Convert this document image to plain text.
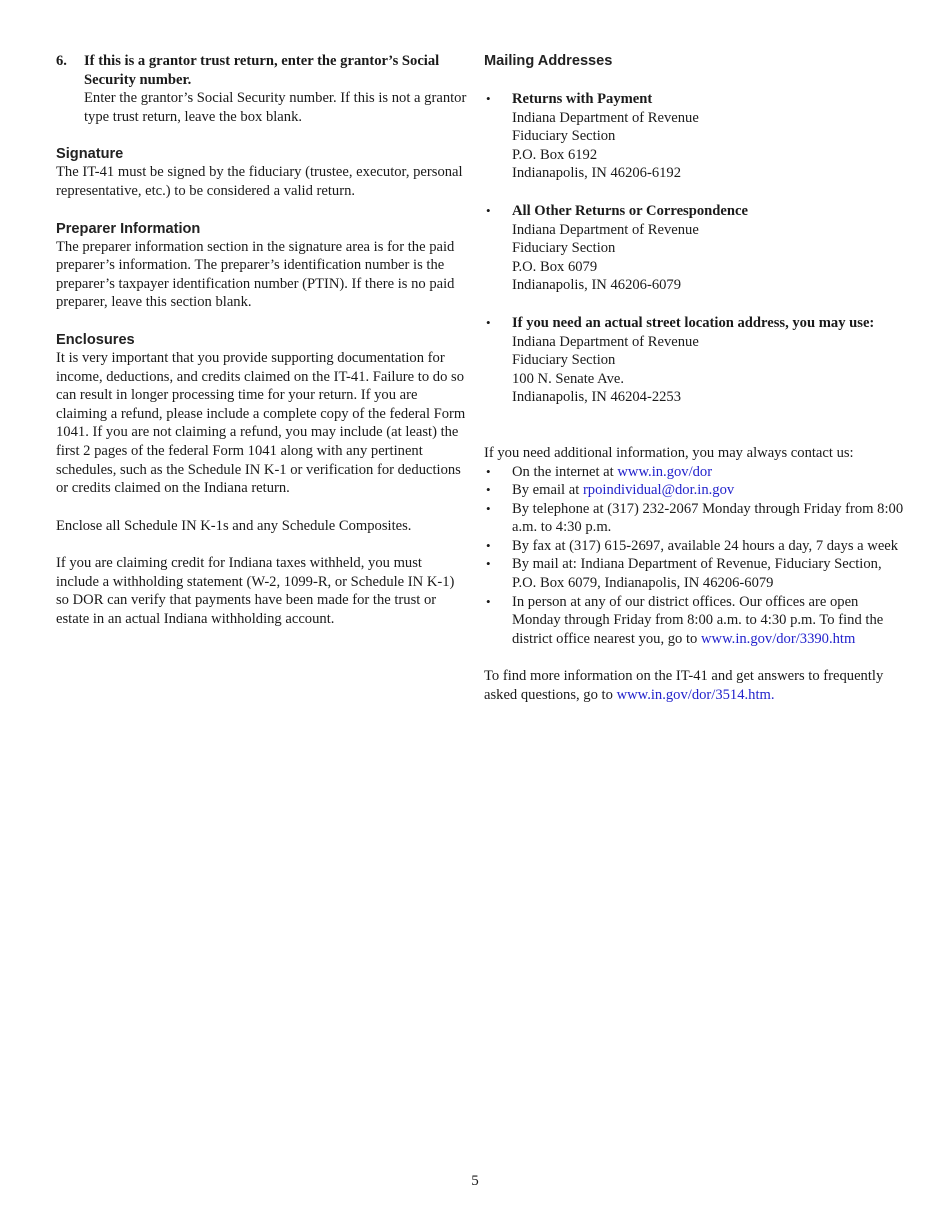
6. If this is a grantor trust return, enter the grantor’s Social Security number.

Enter the grantor’s Social Security number. If this is not a grantor type trust return, leave the box blank.

Signature

The IT-41 must be signed by the fiduciary (trustee, executor, personal representative, etc.) to be considered a valid return.

Preparer Information

The preparer information section in the signature area is for the paid preparer’s information. The preparer’s identification number is the preparer’s taxpayer identification number (PTIN). If there is no paid preparer, leave this section blank.

Enclosures

It is very important that you provide supporting documentation for income, deductions, and credits claimed on the IT-41. Failure to do so can result in longer processing time for your return. If you are claiming a refund, please include a complete copy of the federal Form 1041. If you are not claiming a refund, you may include (at least) the first 2 pages of the federal Form 1041 along with any pertinent schedules, such as the Schedule IN K-1 or verification for deductions or credits claimed on the Indiana return.

Enclose all Schedule IN K-1s and any Schedule Composites.

If you are claiming credit for Indiana taxes withheld, you must include a withholding statement (W-2, 1099-R, or Schedule IN K-1) so DOR can verify that payments have been made for the trust or estate in an actual Indiana withholding account.

Mailing Addresses
• Returns with Payment
Indiana Department of Revenue
Fiduciary Section
P.O. Box 6192
Indianapolis, IN 46206-6192
• All Other Returns or Correspondence
Indiana Department of Revenue
Fiduciary Section
P.O. Box 6079
Indianapolis, IN 46206-6079
• If you need an actual street location address, you may use:
Indiana Department of Revenue
Fiduciary Section
100 N. Senate Ave.
Indianapolis, IN 46204-2253

If you need additional information, you may always contact us:

• On the internet at www.in.gov/dor
• By email at rpoindividual@dor.in.gov
• By telephone at (317) 232-2067 Monday through Friday from 8:00 a.m. to 4:30 p.m.
• By fax at (317) 615-2697, available 24 hours a day, 7 days a week
• By mail at: Indiana Department of Revenue, Fiduciary Section, P.O. Box 6079, Indianapolis, IN 46206-6079
• In person at any of our district offices. Our offices are open Monday through Friday from 8:00 a.m. to 4:30 p.m. To find the district office nearest you, go to www.in.gov/dor/3390.htm

To find more information on the IT-41 and get answers to frequently asked questions, go to www.in.gov/dor/3514.htm.

5
